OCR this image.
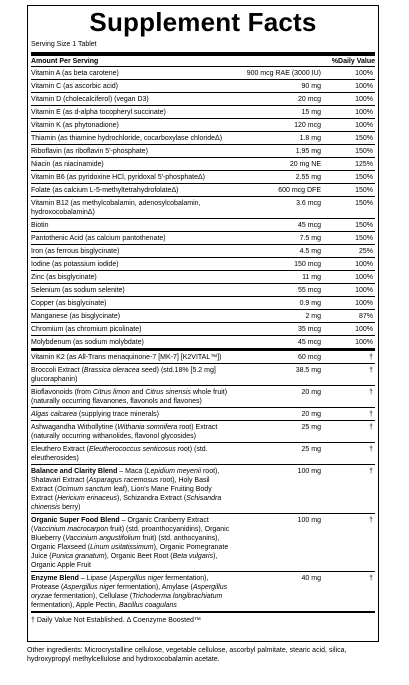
Supplement Facts
Serving Size 1 Tablet
Amount Per Serving	%Daily Value
Vitamin A (as beta carotene)	900 mcg RAE (3000 IU)	100%
Vitamin C (as ascorbic acid)	90 mg	100%
Vitamin D (cholecalciferol) (vegan D3)	20 mcg	100%
Vitamin E (as d-alpha tocopheryl succinate)	15 mg	100%
Vitamin K (as phytonadione)	120 mcg	100%
Thiamin (as thiamine hydrochloride, cocarboxylase chlorideΔ)	1.8 mg	150%
Riboflavin (as riboflavin 5'-phosphate)	1.95 mg	150%
Niacin (as niacinamide)	20 mg NE	125%
Vitamin B6 (as pyridoxine HCl, pyridoxal 5'-phosphateΔ)	2.55 mg	150%
Folate (as calcium L-5-methyltetrahydrofolateΔ)	600 mcg DFE	150%
Vitamin B12 (as methylcobalamin, adenosylcobalamin, hydroxocobalaminΔ)
3.6 mcg	150%
Biotin	45 mcg	150%
Pantothenic Acid (as calcium pantothenate)	7.5 mg	150%
Iron (as ferrous bisglycinate)	4.5 mg	25%
Iodine (as potassium iodide)	150 mcg	100%
Zinc (as bisglycinate)	11 mg	100%
Selenium (as sodium selenite)	55 mcg	100%
Copper (as bisglycinate)	0.9 mg	100%
Manganese (as bisglycinate)	2 mg	87%
Chromium (as chromium picolinate)	35 mcg	100%
Molybdenum (as sodium molybdate)	45 mcg	100%
Vitamin K2 (as All-Trans menaquinone-7 [MK-7] [K2VITAL™])	60 mcg	†
Broccoli Extract (Brassica oleracea seed) (std.18% [5.2 mg] glucoraphanin)
38.5 mg	†
Bioflavonoids (from Citrus limon and Citrus sinensis whole fruit) (naturally occurring flavanones, flavonols and flavones)
20 mg	†
Algas calcarea (supplying trace minerals)	20 mg	†
Ashwagandha Withollytine (Withania somnifera root) Extract (naturally occurring withanolides, flavonol glycosides)
25 mg	†
Eleuthero Extract (Eleutherococcus senticosus root) (std. eleutherosides)
25 mg	†
Balance and Clarity Blend – Maca (Lepidium meyenii root), Shatavari Extract (Asparagus racemosus root), Holy Basil Extract (Ocimum sanctum leaf), Lion's Mane Fruiting Body Extract (Hericium erinaceus), Schizandra Extract (Schisandra chinensis berry)
100 mg	†
Organic Super Food Blend – Organic Cranberry Extract (Vaccinium macrocarpon fruit) (std. proanthocyanidins), Organic Blueberry (Vaccinium angustifolium fruit) (std. anthocyanins), Organic Flaxseed (Linum usitatissimum), Organic Pomegranate Juice (Punica granatum), Organic Beet Root (Beta vulgaris), Organic Apple Fruit
100 mg	†
Enzyme Blend – Lipase (Aspergillus niger fermentation), Protease (Aspergillus niger fermentation), Amylase (Aspergillus oryzae fermentation), Cellulase (Trichoderma longibrachiatum fermentation), Apple Pectin, Bacillus coagulans
40 mg	†
† Daily Value Not Established. Δ Coenzyme Boosted™
Other ingredients: Microcrystalline cellulose, vegetable cellulose, ascorbyl palmitate, stearic acid, silica, hydroxypropyl methylcellulose and hydroxocobalamin acetate.
